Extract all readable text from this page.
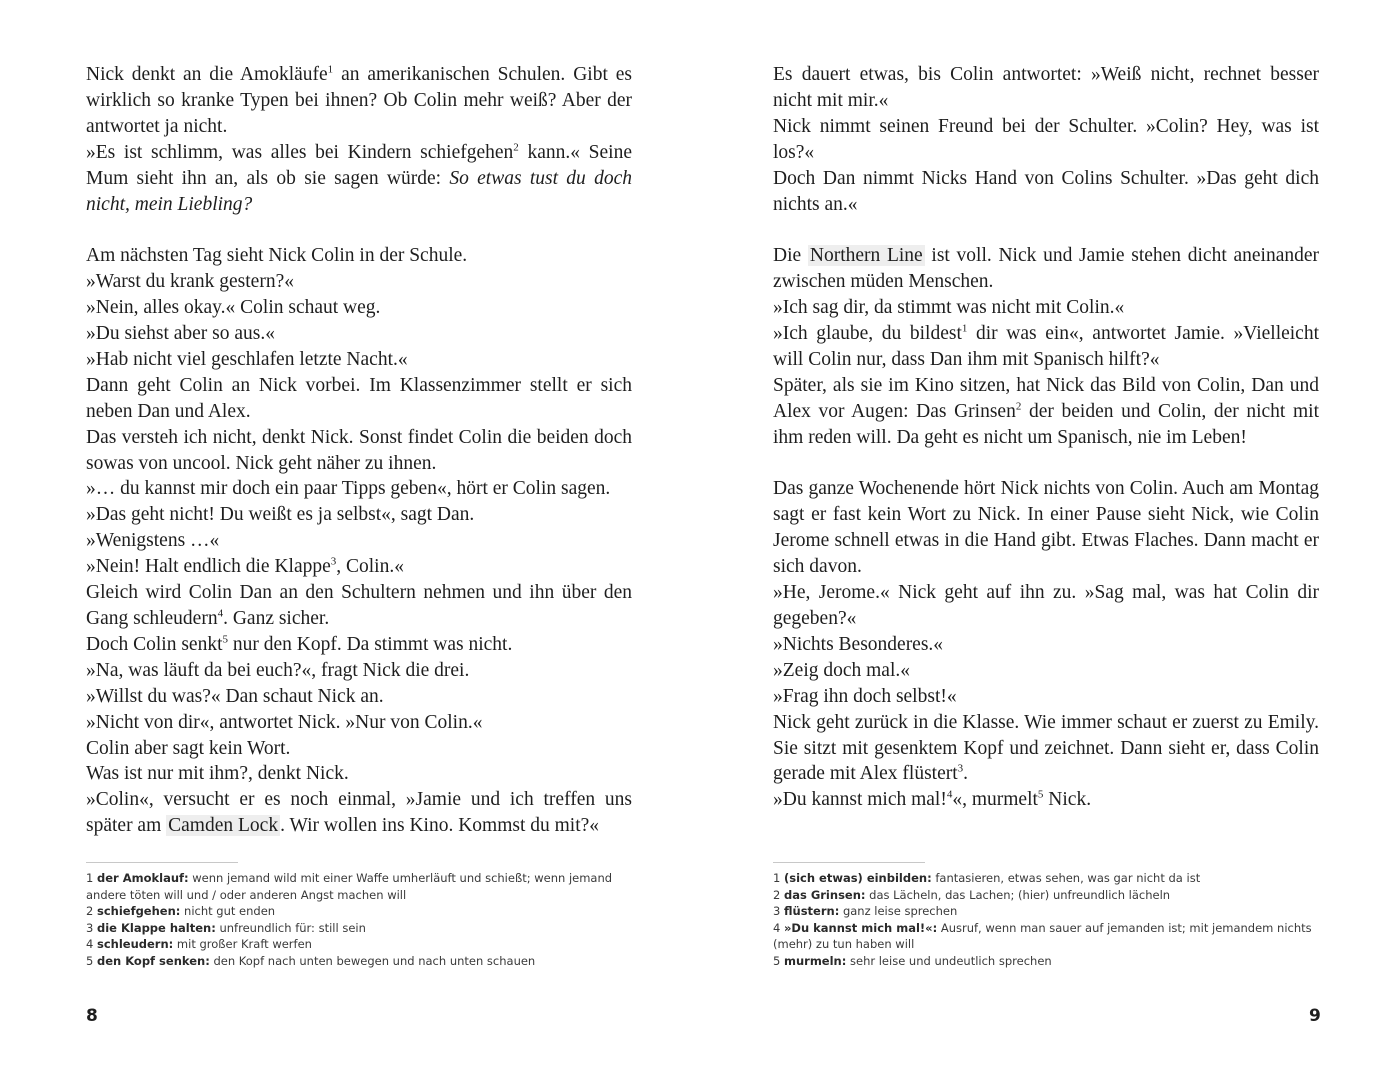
Nick denkt an die Amokläufe$^1$ an amerikanischen Schulen. Gibt es wirklich so kranke Typen bei ihnen? Ob Colin mehr weiß? Aber der antwortet ja nicht.

»Es ist schlimm, was alles bei Kindern schiefgehen$^2$ kann.« Seine Mum sieht ihn an, als ob sie sagen würde: So etwas tust du doch nicht, mein Liebling?

Am nächsten Tag sieht Nick Colin in der Schule.

»Warst du krank gestern?«

»Nein, alles okay.« Colin schaut weg.

»Du siehst aber so aus.«

»Hab nicht viel geschlafen letzte Nacht.«

Dann geht Colin an Nick vorbei. Im Klassenzimmer stellt er sich neben Dan und Alex.

Das versteh ich nicht, denkt Nick. Sonst findet Colin die beiden doch sowas von uncool. Nick geht näher zu ihnen.

»… du kannst mir doch ein paar Tipps geben«, hört er Colin sagen.

»Das geht nicht! Du weißt es ja selbst«, sagt Dan.

»Wenigstens …«

»Nein! Halt endlich die Klappe$^3$, Colin.«

Gleich wird Colin Dan an den Schultern nehmen und ihn über den Gang schleudern$^4$. Ganz sicher.

Doch Colin senkt$^5$ nur den Kopf. Da stimmt was nicht.

»Na, was läuft da bei euch?«, fragt Nick die drei.

»Willst du was?« Dan schaut Nick an.

»Nicht von dir«, antwortet Nick. »Nur von Colin.«

Colin aber sagt kein Wort.

Was ist nur mit ihm?, denkt Nick.

»Colin«, versucht er es noch einmal, »Jamie und ich treffen uns später am Camden Lock . Wir wollen ins Kino. Kommst du mit?«

1 der Amoklauf: wenn jemand wild mit einer Waffe umherläuft und schießt; wenn jemand andere töten will und / oder anderen Angst machen will

2 schiefgehen: nicht gut enden

3 die Klappe halten: unfreundlich für: still sein

4 schleudern: mit großer Kraft werfen

5 den Kopf senken: den Kopf nach unten bewegen und nach unten schauen

8

Es dauert etwas, bis Colin antwortet: »Weiß nicht, rechnet besser nicht mit mir.«

Nick nimmt seinen Freund bei der Schulter. »Colin? Hey, was ist los?«

Doch Dan nimmt Nicks Hand von Colins Schulter. »Das geht dich nichts an.«

Die Northern Line ist voll. Nick und Jamie stehen dicht aneinander zwischen müden Menschen.

»Ich sag dir, da stimmt was nicht mit Colin.«

»Ich glaube, du bildest$^1$ dir was ein«, antwortet Jamie. »Vielleicht will Colin nur, dass Dan ihm mit Spanisch hilft?«

Später, als sie im Kino sitzen, hat Nick das Bild von Colin, Dan und Alex vor Augen: Das Grinsen$^2$ der beiden und Colin, der nicht mit ihm reden will. Da geht es nicht um Spanisch, nie im Leben!

Das ganze Wochenende hört Nick nichts von Colin. Auch am Montag sagt er fast kein Wort zu Nick. In einer Pause sieht Nick, wie Colin Jerome schnell etwas in die Hand gibt. Etwas Flaches. Dann macht er sich davon.

»He, Jerome.« Nick geht auf ihn zu. »Sag mal, was hat Colin dir gegeben?«

»Nichts Besonderes.«

»Zeig doch mal.«

»Frag ihn doch selbst!«

Nick geht zurück in die Klasse. Wie immer schaut er zuerst zu Emily. Sie sitzt mit gesenktem Kopf und zeichnet. Dann sieht er, dass Colin gerade mit Alex flüstert$^3$.

»Du kannst mich mal!$^4$«, murmelt$^5$ Nick.

1 (sich etwas) einbilden: fantasieren, etwas sehen, was gar nicht da ist

2 das Grinsen: das Lächeln, das Lachen; (hier) unfreundlich lächeln

3 flüstern: ganz leise sprechen

4 »Du kannst mich mal!«: Ausruf, wenn man sauer auf jemanden ist; mit jemandem nichts (mehr) zu tun haben will

5 murmeln: sehr leise und undeutlich sprechen

9
